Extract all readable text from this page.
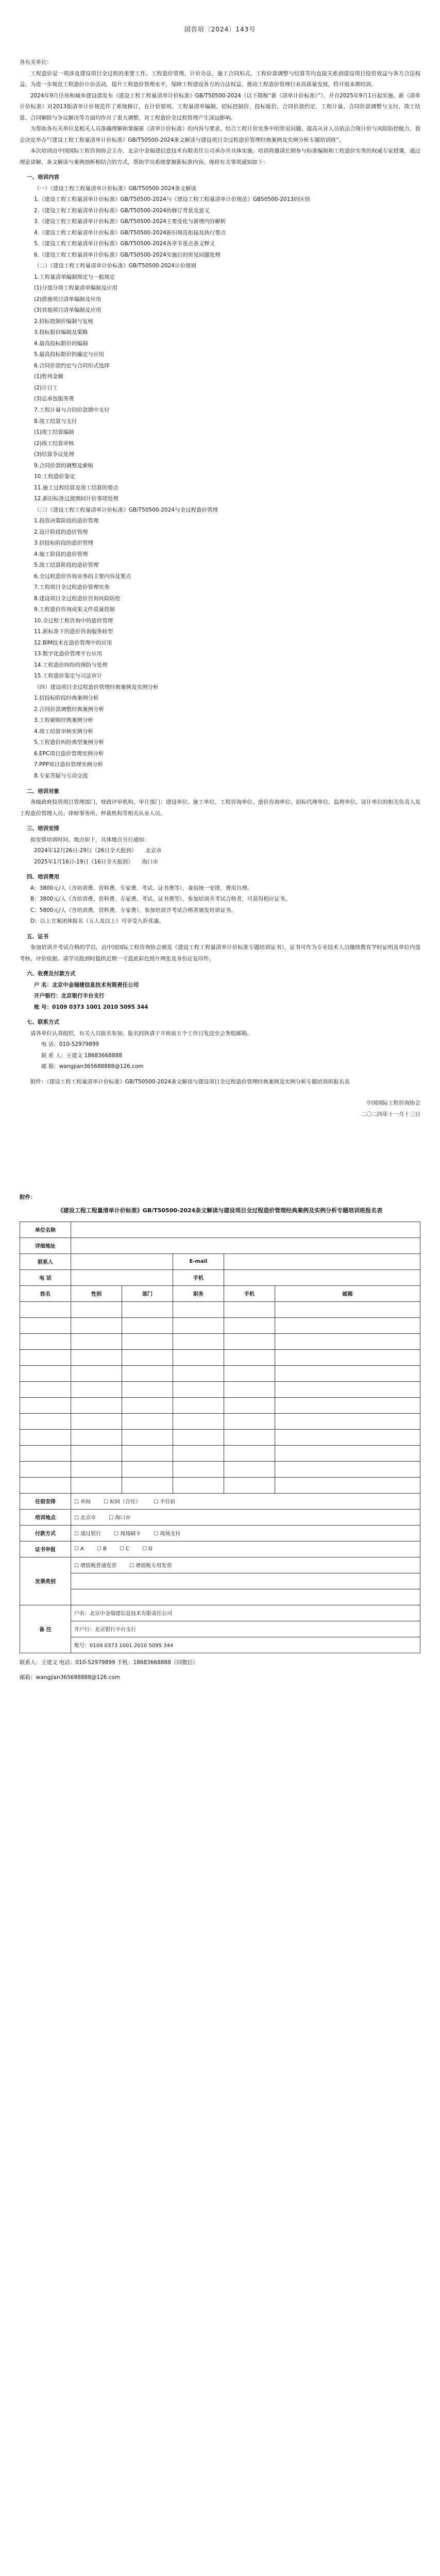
国咨培〔2024〕143号
各有关单位：

工程造价是一项涉及建设项目全过程的重要工作。工程造价管理、计价办法、施工合同形式、工程价款调整与结算等均直接关系到建设项目投资效益与各方合法权益。为进一步规范工程造价计价活动，提升工程造价管理水平，保障工程建设各方的合法权益，推动工程造价管理行业高质量发展，特开展本期培训。

2024年9月住房和城乡建设部发布《建设工程工程量清单计价标准》GB/T50500-2024（以下简称“新《清单计价标准》”），并自2025年9月1日起实施。新《清单计价标准》对2013版清单计价规范作了系统修订，在计价原则、工程量清单编制、招标控制价、投标报价、合同价款约定、工程计量、合同价款调整与支付、竣工结算、合同解除与争议解决等方面均作出了重大调整，对工程造价全过程管理产生深远影响。

为帮助各有关单位及相关人员准确理解和掌握新《清单计价标准》的内容与要求，结合工程计价实务中的常见问题，提高从业人员依法合规计价与风险防控能力，我会决定举办“《建设工程工程量清单计价标准》GB/T50500-2024条文解读与建设项目全过程造价管理经典案例及实例分析专题培训班”。

本次培训由中国国际工程咨询协会主办，北京中金瑞建信息技术有限责任公司承办并具体实施。培训将邀请长期参与标准编制和工程造价实务的权威专家授课，通过理论讲解、条文解读与案例剖析相结合的方式，帮助学员系统掌握新标准内容。现将有关事项通知如下：

一、培训内容

（一）《建设工程工程量清单计价标准》GB/T50500-2024条文解读

1.《建设工程工程量清单计价标准》GB/T50500-2024与《建设工程工程量清单计价规范》GB50500-2013的区别
2.《建设工程工程量清单计价标准》GB/T50500-2024的修订背景及意义
3.《建设工程工程量清单计价标准》GB/T50500-2024主要变化与新增内容解析
4.《建设工程工程量清单计价标准》GB/T50500-2024新旧规范衔接及执行要点
5.《建设工程工程量清单计价标准》GB/T50500-2024各章节重点条文释义
6.《建设工程工程量清单计价标准》GB/T50500-2024实施后的常见问题处理

（二）《建设工程工程量清单计价标准》GB/T50500-2024计价规则

1.工程量清单编制规定与一般规定
(1)分部分项工程量清单编制及应用
(2)措施项目清单编制及应用
(3)其他项目清单编制及应用
2.招标控制价编制与复核
3.投标报价编制及策略
4.最高投标限价的编制
5.最高投标限价的确定与应用
6.合同价款约定与合同形式选择
(1)暂列金额
(2)计日工
(3)总承包服务费
7.工程计量与合同价款期中支付
8.竣工结算与支付
(1)竣工结算编制
(2)竣工结算审核
(3)结算争议处理
9.合同价款的调整及索赔
10.工程造价鉴定
11.施工过程结算及竣工结算的要点
12.新旧标准过渡期间计价事项处理

（三）《建设工程工程量清单计价标准》GB/T50500-2024与全过程造价管理

1.投资决策阶段的造价管理
2.设计阶段的造价管理
3.招投标阶段的造价管理
4.施工阶段的造价管理
5.竣工结算阶段的造价管理
6.全过程造价咨询业务的主要内容及要点
7.工程项目全过程造价管理实务
8.建设项目全过程造价咨询风险防控
9.工程造价咨询成果文件质量控制
10.全过程工程咨询中的造价管理
11.新标准下的造价咨询服务转型
12.BIM技术在造价管理中的应用
13.数字化造价管理平台应用
14.工程造价纠纷的预防与处理
15.工程造价鉴定与司法审计

（四）建设项目全过程造价管理经典案例及实例分析

1.招投标阶段经典案例分析
2.合同价款调整经典案例分析
3.工程索赔经典案例分析
4.竣工结算审核实例分析
5.工程造价纠纷典型案例分析
6.EPC项目造价管理实例分析
7.PPP项目造价管理实例分析
8.专家答疑与互动交流

二、培训对象

各级政府投资项目管理部门、财政评审机构、审计部门；建设单位、施工单位、工程咨询单位、造价咨询单位、招标代理单位、监理单位、设计单位的相关负责人及工程造价管理人员；律师事务所、仲裁机构等相关从业人员。

三、培训安排

拟安排培训时间、地点如下，具体地点另行通知：

2024年12月26日-29日（26日全天报到） 北京市
2025年1月16日-19日（16日全天报到） 海口市

四、培训费用

A：3800元/人（含培训费、资料费、专家费、考试、证书费等），食宿统一安排，费用自理。

B：3800元/人（含培训费、资料费、专家费、考试、证书费等），参加培训并考试合格者，可获得相应证书。

C：5800元/人（含培训费、资料费、专家费），参加培训并考试合格者颁发培训证书。

D：以上方案团体报名（五人及以上）可享受九折优惠。

五、证书

参加培训并考试合格的学员，由中国国际工程咨询协会颁发《建设工程工程量清单计价标准专题培训证书》，证书可作为专业技术人员继续教育学时证明及单位内部考核、评价依据。请学员报到时提供近期一寸蓝底彩色照片两张及身份证复印件。

六、收费及付款方式

户 名：北京中金瑞建信息技术有限责任公司
开户银行：北京银行丰台支行
账 号：0109 0373 1001 2010 5095 344

七、联系方式

请各单位认真组织，有关人员报名参加。报名回执请于开班前五个工作日发送至会务组邮箱。

电 话：010-52979899
联 系 人：王建文 18683668888
邮 箱：wangjian365688888@126.com

附件：《建设工程工程量清单计价标准》GB/T50500-2024条文解读与建设项目全过程造价管理经典案例及实例分析专题培训班报名表

中国国际工程咨询协会
二〇二四年十一月十三日
附件：
《建设工程工程量清单计价标准》GB/T50500-2024条文解读与建设项目全过程造价管理经典案例及实例分析专题培训班报名表
单位名称					
详细地址					
联系人			E-mail		
电 话			手机		
姓名	性别	部门	职务	手机	邮箱

住宿安排	☐ 单间 ☐ 标间（合住） ☐ 不住宿
培训地点	☐ 北京市 ☐ 海口市
付款方式	☐ 通过银行 ☐ 现场刷卡 ☐ 现场支付
证书申报	☐ A ☐ B ☐ C ☐ D
发票类别	☐ 增值税普通发票 ☐ 增值税专用发票

备 注	户名：北京中金瑞建信息技术有限责任公司				
	开户行：北京银行丰台支行				
	账号：0109 0373 1001 2010 5095 344				
联系人：王建文 电话：010-52979899 手机：18683668888（同微信）
邮箱：wangjian365688888@126.com
